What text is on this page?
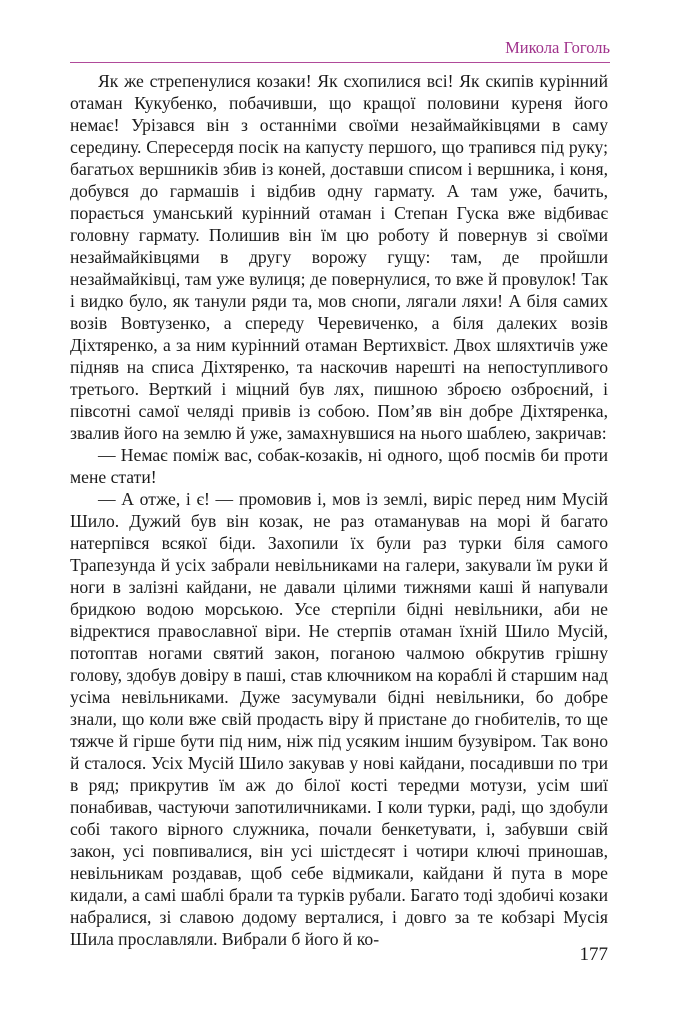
Микола Гоголь

Як же стрепенулися козаки! Як схопилися всі! Як скипів курінний отаман Кукубенко, побачивши, що кращої половини куреня його немає! Урізався він з останніми своїми незаймайківцями в саму середину. Спересердя посік на капусту першого, що трапився під руку; багатьох вершників збив із коней, доставши списом і вершника, і коня, добувся до гармашів і відбив одну гармату. А там уже, бачить, порається уманський курінний отаман і Степан Гуска вже відбиває головну гармату. Полишив він їм цю роботу й повернув зі своїми незаймайківцями в другу ворожу гущу: там, де пройшли незаймайківці, там уже вулиця; де повернулися, то вже й провулок! Так і видко було, як танули ряди та, мов снопи, лягали ляхи! А біля самих возів Вовтузенко, а спереду Черевиченко, а біля далеких возів Діхтяренко, а за ним курінний отаман Вертихвіст. Двох шляхтичів уже підняв на списа Діхтяренко, та наскочив нарешті на непоступливого третього. Верткий і міцний був лях, пишною зброєю озброєний, і півсотні самої челяді привів із собою. Пом’яв він добре Діхтяренка, звалив його на землю й уже, замахнувшися на нього шаблею, закричав:

— Немає поміж вас, собак-козаків, ні одного, щоб посмів би проти мене стати!

— А отже, і є! — промовив і, мов із землі, виріс перед ним Мусій Шило. Дужий був він козак, не раз отаманував на морі й багато натерпівся всякої біди. Захопили їх були раз турки біля самого Трапезунда й усіх забрали невільниками на галери, закували їм руки й ноги в залізні кайдани, не давали цілими тижнями каші й напували бридкою водою морською. Усе стерпіли бідні невільники, аби не відректися православної віри. Не стерпів отаман їхній Шило Мусій, потоптав ногами святий закон, поганою чалмою обкрутив грішну голову, здобув довіру в паші, став ключником на кораблі й старшим над усіма невільниками. Дуже засумували бідні невільники, бо добре знали, що коли вже свій продасть віру й пристане до гнобителів, то ще тяжче й гірше бути під ним, ніж під усяким іншим бузувіром. Так воно й сталося. Усіх Мусій Шило закував у нові кайдани, посадивши по три в ряд; прикрутив їм аж до білої кості тередми мотузи, усім шиї понабивав, частуючи запотиличниками. І коли турки, раді, що здобули собі такого вірного служника, почали бенкетувати, і, забувши свій закон, усі повпивалися, він усі шістдесят і чотири ключі приношав, невільникам роздавав, щоб себе відмикали, кайдани й пута в море кидали, а самі шаблі брали та турків рубали. Багато тоді здобичі козаки набралися, зі славою додому верталися, і довго за те кобзарі Мусія Шила прославляли. Вибрали б його й ко-

177
